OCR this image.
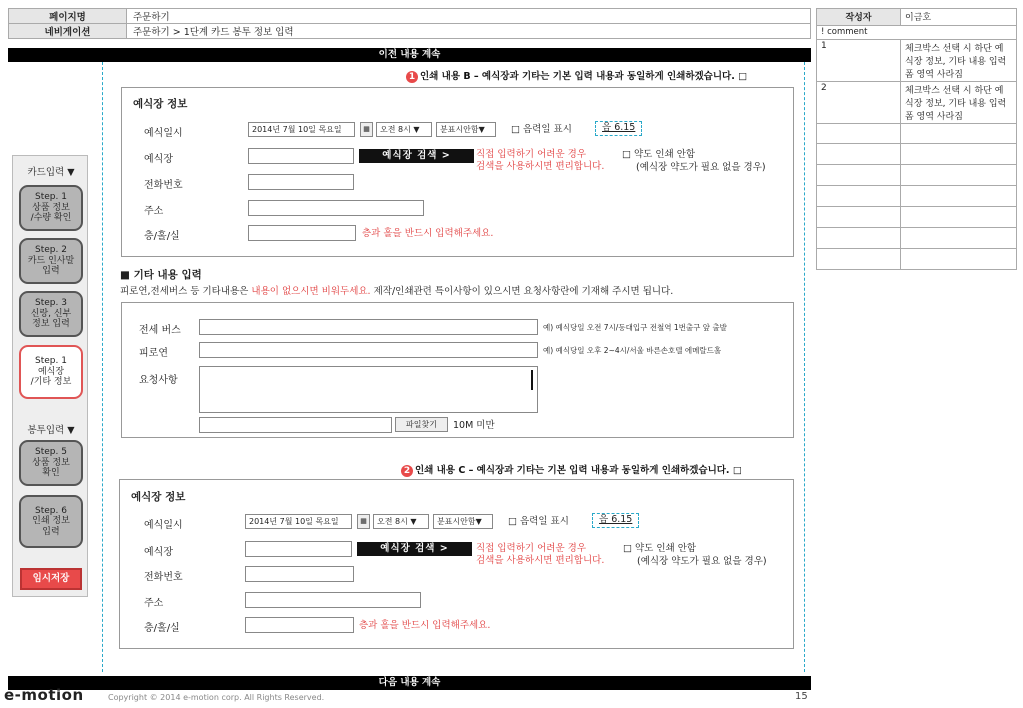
페이지명	주문하기
네비게이션	주문하기 > 1단계 카드 봉투 정보 입력
작성자	이금호
! comment	
1	체크박스 선택 시 하단 예식장 정보, 기타 내용 입력폼 영역 사라짐
2	체크박스 선택 시 하단 예식장 정보, 기타 내용 입력폼 영역 사라짐

이전 내용 계속
카드입력 ▼
Step. 1
상품 정보
/수량 확인
Step. 2
카드 인사말
입력
Step. 3
신랑, 신부
정보 입력
Step. 1
예식장
/기타 정보
봉투입력 ▼
Step. 5
상품 정보
확인
Step. 6
인쇄 정보
입력
임시저장
1 인쇄 내용 B – 예식장과 기타는 기본 입력 내용과 동일하게 인쇄하겠습니다. □
예식장 정보
예식일시	2014년 7월 10일 목요일	▦	오전 8시 ▼	분표시안함▼	□ 음력일 표시	음 6.15
예식장	예식장 검색 >	직접 입력하기 어려운 경우
검색을 사용하시면 편리합니다.
□ 약도 인쇄 안함
(예식장 약도가 필요 없을 경우)
전화번호
주소
층/홀/실	층과 홀을 반드시 입력해주세요.
■ 기타 내용 입력
피로연,전세버스 등 기타내용은 내용이 없으시면 비워두세요. 제작/인쇄관련 특이사항이 있으시면 요청사항란에 기재해 주시면 됩니다.
전세 버스	예) 예식당일 오전 7시/동대입구 전철역 1번출구 앞 출발
피로연	예) 예식당일 오후 2~4시/서울 바른손호텔 에메랄드홀
요청사항
파일찾기	10M 미만
2 인쇄 내용 C – 예식장과 기타는 기본 입력 내용과 동일하게 인쇄하겠습니다. □
예식장 정보
예식일시	2014년 7월 10일 목요일	▦	오전 8시 ▼	분표시안함▼	□ 음력일 표시	음 6.15
예식장	예식장 검색 >	직접 입력하기 어려운 경우
검색을 사용하시면 편리합니다.
□ 약도 인쇄 안함
(예식장 약도가 필요 없을 경우)
전화번호
주소
층/홀/실	층과 홀을 반드시 입력해주세요.
다음 내용 계속
e-motion	Copyright © 2014 e-motion corp. All Rights Reserved.	15
